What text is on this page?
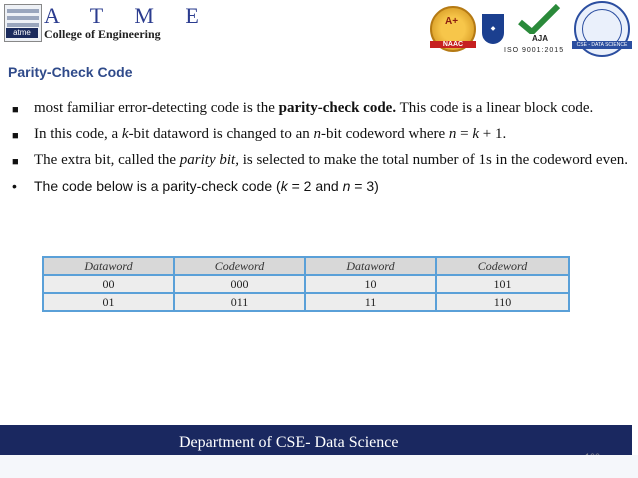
atme
A T M E
College of Engineering
A+
NAAC
◆
AJA
ISO 9001:2015
CSE - DATA SCIENCE
Parity-Check Code
■ most familiar error-detecting code is the parity-check code. This code is a linear block code.
■ In this code, a k-bit dataword is changed to an n-bit codeword where n = k + 1.
■ The extra bit, called the parity bit, is selected to make the total number of 1s in the codeword even.
• The code below is a parity-check code (k = 2 and n = 3)
Dataword	Codeword	Dataword	Codeword
00	000	10	101
01	011	11	110
Department of CSE- Data Science
